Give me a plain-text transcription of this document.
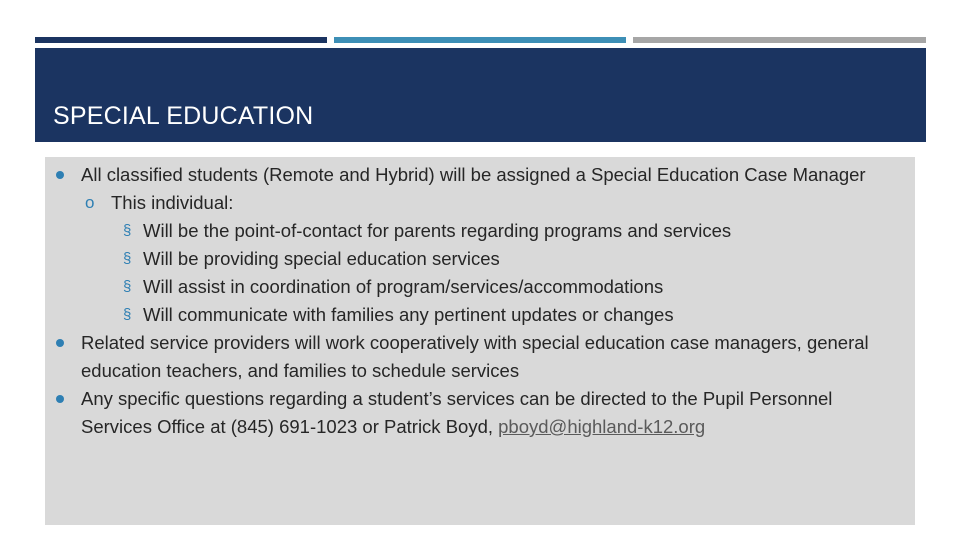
SPECIAL EDUCATION
All classified students (Remote and Hybrid) will be assigned a Special Education Case Manager
o This individual:
§ Will be the point-of-contact for parents regarding programs and services
§ Will be providing special education services
§ Will assist in coordination of program/services/accommodations
§ Will communicate with families any pertinent updates or changes
Related service providers will work cooperatively with special education case managers, general education teachers, and families to schedule services
Any specific questions regarding a student’s services can be directed to the Pupil Personnel Services Office at (845) 691-1023 or Patrick Boyd, pboyd@highland-k12.org
